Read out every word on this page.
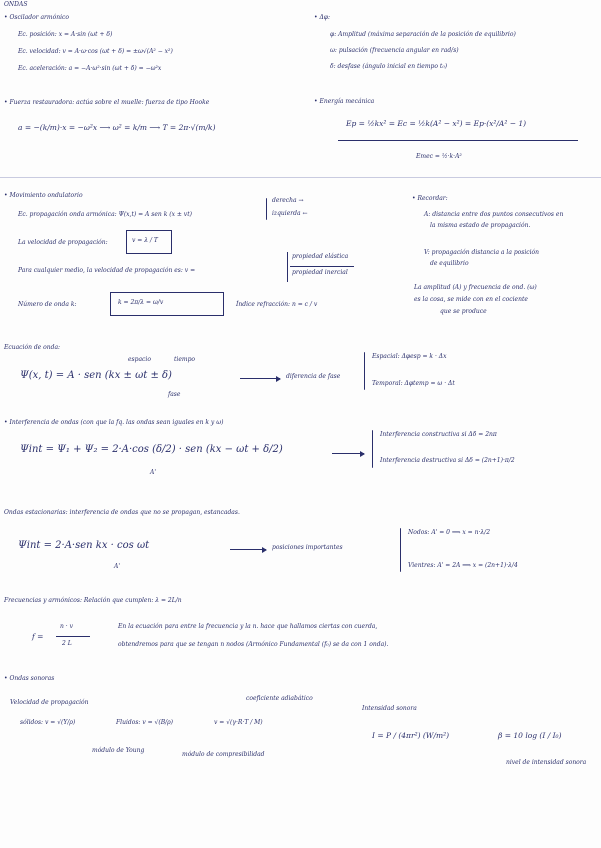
ONDAS
• Oscilador armónico
Ec. posición: x = A·sin (ωt + δ)
Ec. velocidad: v = A·ω·cos (ωt + δ) = ±ω√(A² − x²)
Ec. aceleración: a = −A·ω²·sin (ωt + δ) = −ω²x
• Fuerza restauradora: actúa sobre el muelle: fuerza de tipo Hooke
a = −(k/m)·x = −ω²x ⟶ ω² = k/m ⟶ T = 2π·√(m/k)
• Δφ:
φ: Amplitud (máxima separación de la posición de equilibrio)
ω: pulsación (frecuencia angular en rad/s)
δ: desfase (ángulo inicial en tiempo t₀)
• Energía mecánica
Ep = ½kx² = Ec = ½k(A² − x²) = Ep·(x²/A² − 1)
Emec = ½·k·A²
• Movimiento ondulatorio
Ec. propagación onda armónica: Ψ(x,t) = A sen k (x ± vt)
derecha →
izquierda ←
La velocidad de propagación:	v = λ / T
Para cualquier medio, la velocidad de propagación es: v =
propiedad elástica
propiedad inercial
Número de onda k:	k = 2π/λ = ω/v	Índice refracción: n = c / v
• Recordar:
A: distancia entre dos puntos consecutivos en
la misma estado de propagación.
V: propagación distancia a la posición
de equilibrio
La amplitud (A) y frecuencia de ond. (ω)
es la cosa, se mide con en el cociente
que se produce
Ecuación de onda:
espacio	tiempo
Ψ(x, t) = A · sen (kx ± ωt ± δ)
fase
diferencia de fase
Espacial: Δφesp = k · Δx
Temporal: Δφtemp = ω · Δt
• Interferencia de ondas (con que la fq. las ondas sean iguales en k y ω)
Ψint = Ψ₁ + Ψ₂ = 2·A·cos (δ/2) · sen (kx − ωt + δ/2)
A'
Interferencia constructiva si Δδ = 2nπ
Interferencia destructiva si Δδ = (2n+1)·π/2
Ondas estacionarias: interferencia de ondas que no se propagan, estancadas.
Ψint = 2·A·sen kx · cos ωt
A'
posiciones importantes
Nodos: A' = 0 ⟹ x = n·λ/2
Vientres: A' = 2A ⟹ x = (2n+1)·λ/4
Frecuencias y armónicos: Relación que cumplen: λ = 2L/n
f =
n · v
2 L
En la ecuación para entre la frecuencia y la n. hace que hallamos ciertas con cuerda,
obtendremos para que se tengan n nodos (Armónico Fundamental (f₀) se da con 1 onda).
• Ondas sonoras
Velocidad de propagación
sólidos: v = √(Y/ρ)	Fluidos: v = √(B/ρ)	v = √(γ·R·T / M)
coeficiente adiabático
módulo de Young
módulo de compresibilidad
Intensidad sonora
I = P / (4πr²) (W/m²)	β = 10 log (I / I₀)
nivel de intensidad sonora
